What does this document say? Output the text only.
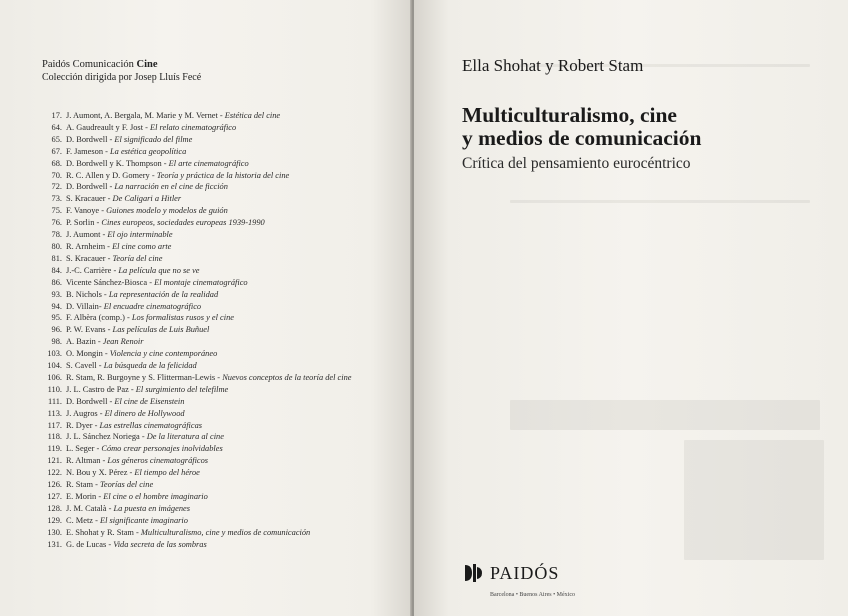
Paidós Comunicación Cine
Colección dirigida por Josep Lluís Fecé
17. J. Aumont, A. Bergala, M. Marie y M. Vernet - Estética del cine
64. A. Gaudreault y F. Jost - El relato cinematográfico
65. D. Bordwell - El significado del filme
67. F. Jameson - La estética geopolítica
68. D. Bordwell y K. Thompson - El arte cinematográfico
70. R. C. Allen y D. Gomery - Teoría y práctica de la historia del cine
72. D. Bordwell - La narración en el cine de ficción
73. S. Kracauer - De Caligari a Hitler
75. F. Vanoye - Guiones modelo y modelos de guión
76. P. Sorlin - Cines europeos, sociedades europeas 1939-1990
78. J. Aumont - El ojo interminable
80. R. Arnheim - El cine como arte
81. S. Kracauer - Teoría del cine
84. J.-C. Carrière - La película que no se ve
86. Vicente Sánchez-Biosca - El montaje cinematográfico
93. B. Nichols - La representación de la realidad
94. D. Villain- El encuadre cinematográfico
95. F. Albèra (comp.) - Los formalistas rusos y el cine
96. P. W. Evans - Las películas de Luis Buñuel
98. A. Bazin - Jean Renoir
103. O. Mongin - Violencia y cine contemporáneo
104. S. Cavell - La búsqueda de la felicidad
106. R. Stam, R. Burgoyne y S. Flitterman-Lewis - Nuevos conceptos de la teoría del cine
110. J. L. Castro de Paz - El surgimiento del telefilme
111. D. Bordwell - El cine de Eisenstein
113. J. Augros - El dinero de Hollywood
117. R. Dyer - Las estrellas cinematográficas
118. J. L. Sánchez Noriega - De la literatura al cine
119. L. Seger - Cómo crear personajes inolvidables
121. R. Altman - Los géneros cinematográficos
122. N. Bou y X. Pérez - El tiempo del héroe
126. R. Stam - Teorías del cine
127. E. Morin - El cine o el hombre imaginario
128. J. M. Català - La puesta en imágenes
129. C. Metz - El significante imaginario
130. E. Shohat y R. Stam - Multiculturalismo, cine y medios de comunicación
131. G. de Lucas - Vida secreta de las sombras
Ella Shohat y Robert Stam
Multiculturalismo, cine
y medios de comunicación
Crítica del pensamiento eurocéntrico
PAIDÓS
Barcelona • Buenos Aires • México
